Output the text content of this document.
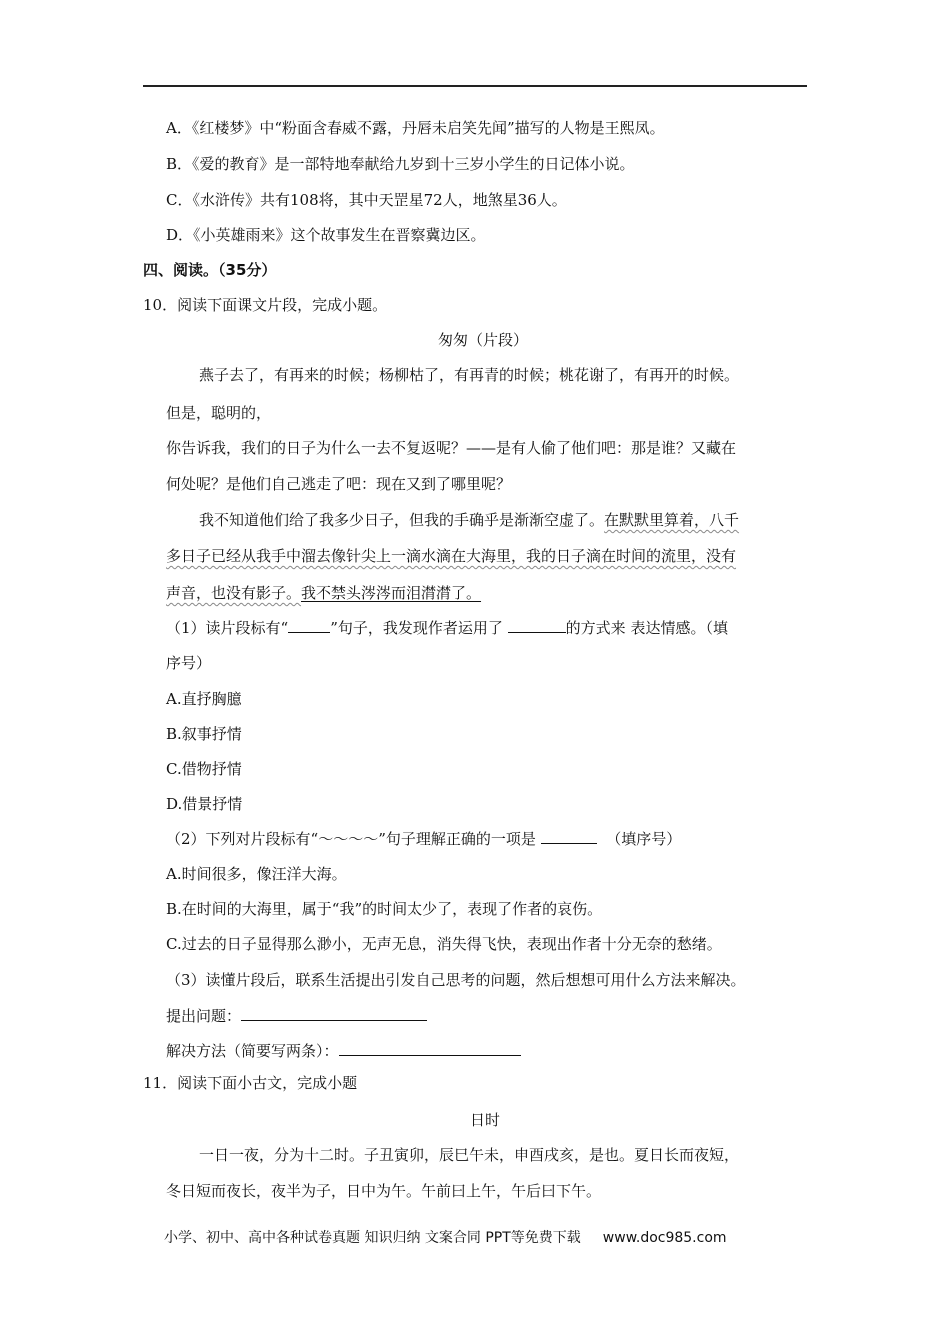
A．《红楼梦》中“粉面含春威不露，丹唇未启笑先闻”描写的人物是王熙凤。
B．《爱的教育》是一部特地奉献给九岁到十三岁小学生的日记体小说。
C．《水浒传》共有108将，其中天罡星72人，地煞星36人。
D．《小英雄雨来》这个故事发生在晋察冀边区。
四、阅读。（35分）
10．阅读下面课文片段，完成小题。
匆匆（片段）
燕子去了，有再来的时候；杨柳枯了，有再青的时候；桃花谢了，有再开的时候。
但是，聪明的，
你告诉我，我们的日子为什么一去不复返呢？——是有人偷了他们吧：那是谁？又藏在
何处呢？是他们自己逃走了吧：现在又到了哪里呢？
我不知道他们给了我多少日子，但我的手确乎是渐渐空虚了。在默默里算着，八千
多日子已经从我手中溜去像针尖上一滴水滴在大海里，我的日子滴在时间的流里，没有
声音，也没有影子。我不禁头涔涔而泪潸潸了。
（1）读片段标有“	”句子，我发现作者运用了	的方式来 表达情感。（填
序号）
A.直抒胸臆
B.叙事抒情
C.借物抒情
D.借景抒情
（2）下列对片段标有“～～～～”句子理解正确的一项是	（填序号）
A.时间很多，像汪洋大海。
B.在时间的大海里，属于“我”的时间太少了，表现了作者的哀伤。
C.过去的日子显得那么渺小，无声无息，消失得飞快，表现出作者十分无奈的愁绪。
（3）读懂片段后，联系生活提出引发自己思考的问题，然后想想可用什么方法来解决。
提出问题：
解决方法（简要写两条）：
11．阅读下面小古文，完成小题
日时
一日一夜，分为十二时。子丑寅卯，辰巳午未，申酉戌亥，是也。夏日长而夜短，
冬日短而夜长，夜半为子，日中为午。午前曰上午，午后曰下午。
小学、初中、高中各种试卷真题 知识归纳 文案合同 PPT等免费下载 www.doc985.com
